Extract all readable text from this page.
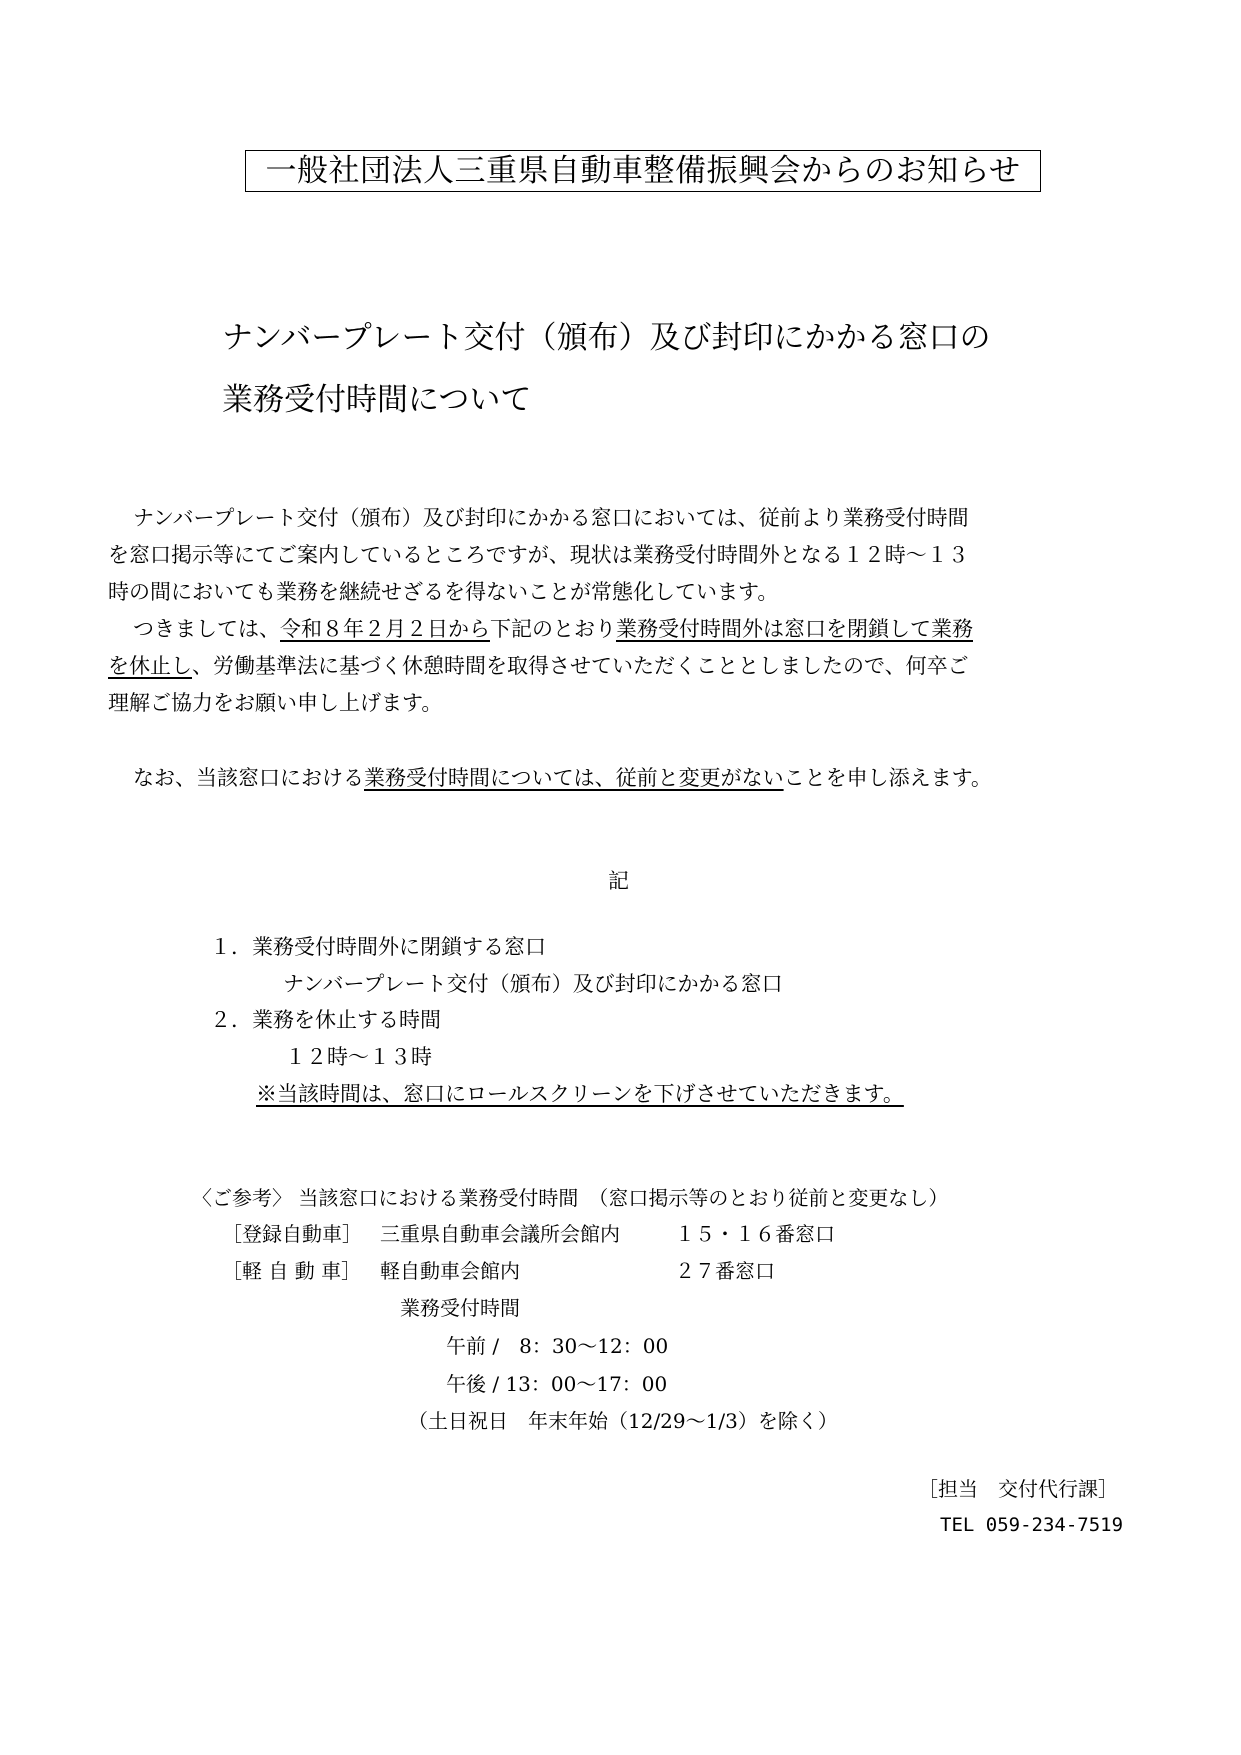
一般社団法人三重県自動車整備振興会からのお知らせ
ナンバープレート交付（頒布）及び封印にかかる窓口の
業務受付時間について
ナンバープレート交付（頒布）及び封印にかかる窓口においては、従前より業務受付時間
を窓口掲示等にてご案内しているところですが、現状は業務受付時間外となる１２時～１３
時の間においても業務を継続せざるを得ないことが常態化しています。
つきましては、令和８年２月２日から下記のとおり業務受付時間外は窓口を閉鎖して業務
を休止し、労働基準法に基づく休憩時間を取得させていただくこととしましたので、何卒ご
理解ご協力をお願い申し上げます。
なお、当該窓口における業務受付時間については、従前と変更がないことを申し添えます。
記
１．業務受付時間外に閉鎖する窓口
ナンバープレート交付（頒布）及び封印にかかる窓口
２．業務を休止する時間
１２時～１３時
※当該時間は、窓口にロールスクリーンを下げさせていただきます。
〈ご参考〉 当該窓口における業務受付時間　（窓口掲示等のとおり従前と変更なし）
［登録自動車］ 三重県自動車会議所会館内	１５・１６番窓口
［軽 自 動 車］ 軽自動車会館内	２７番窓口
業務受付時間
午前 /　8：30～12：00
午後 / 13：00～17：00
（土日祝日　年末年始（12/29～1/3）を除く）
［担当　交付代行課］
TEL 059-234-7519
